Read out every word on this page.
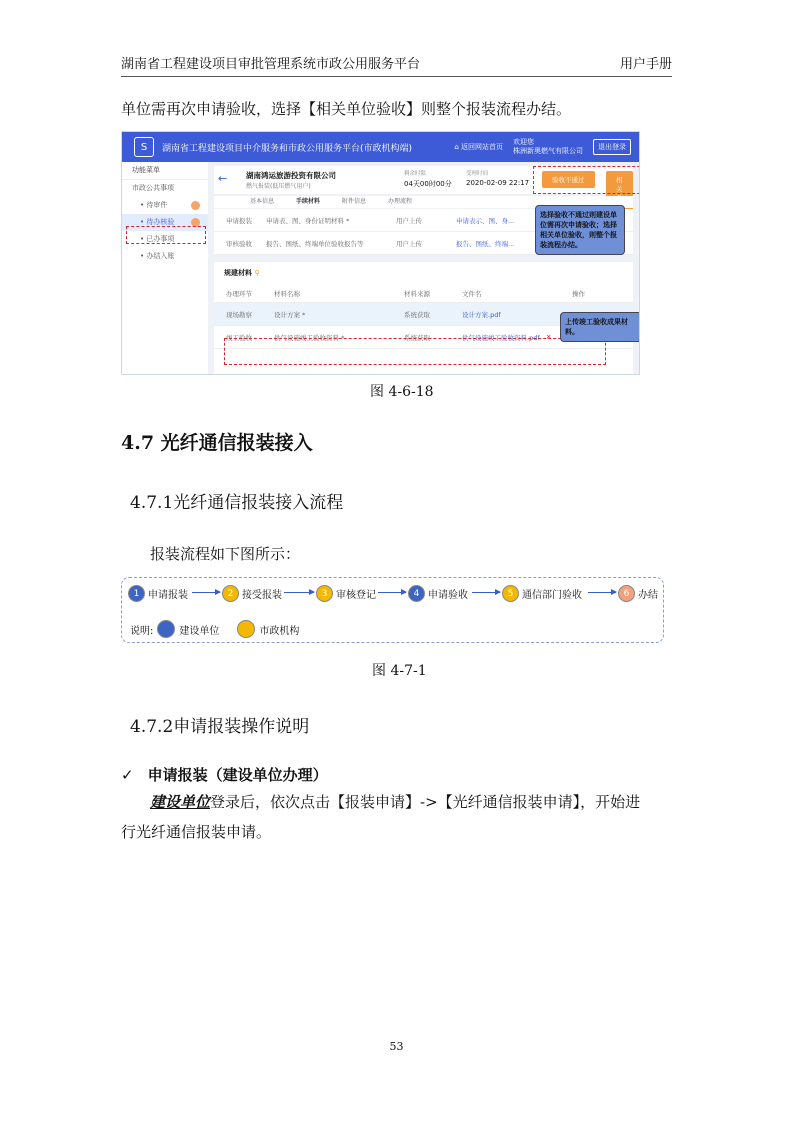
湖南省工程建设项目审批管理系统市政公用服务平台	用户手册
单位需再次申请验收，选择【相关单位验收】则整个报装流程办结。
S	湖南省工程建设项目中介服务和市政公用服务平台(市政机构端)	⌂ 返回网站首页
欢迎您
株洲新奥燃气有限公司	退出登录
功能菜单
市政公共事项
• 待审件
• 待办核验
• 已办事项
• 办结入账
←	湖南鸿运旅游投资有限公司
燃气报装(低压燃气用户)
剩余时限
04天00时00分
受理时间
2020-02-09 22:17	验收不通过	相关
基本信息	手续材料	附件信息	办理流程
申请报装	申请表、图、身份证明材料 *	用户上传	申请表示、图、身...
审核验收	报告、图纸、终端单位验收报告等	用户上传	报告、图纸、终端...
规建材料 ⚲
办理环节	材料名称	材料来源	文件名	操作
现场勘察	设计方案 *	系统获取	设计方案.pdf
竣工验收	供气设施竣工验收资料 *	系统获取	供气设施竣工验收资料.pdf ✕
选择验收不通过则建设单位需再次申请验收；选择相关单位验收，则整个报装流程办结。
上传竣工验收成果材料。
图 4-6-18
4.7 光纤通信报装接入
4.7.1光纤通信报装接入流程
报装流程如下图所示：
1 申请报装	2 接受报装	3 审核登记	4 申请验收	5 通信部门验收	6 办结
说明:	建设单位	市政机构
图 4-7-1
4.7.2申请报装操作说明
✓ 申请报装（建设单位办理）
建设单位登录后，依次点击【报装申请】->【光纤通信报装申请】，开始进
行光纤通信报装申请。
53
